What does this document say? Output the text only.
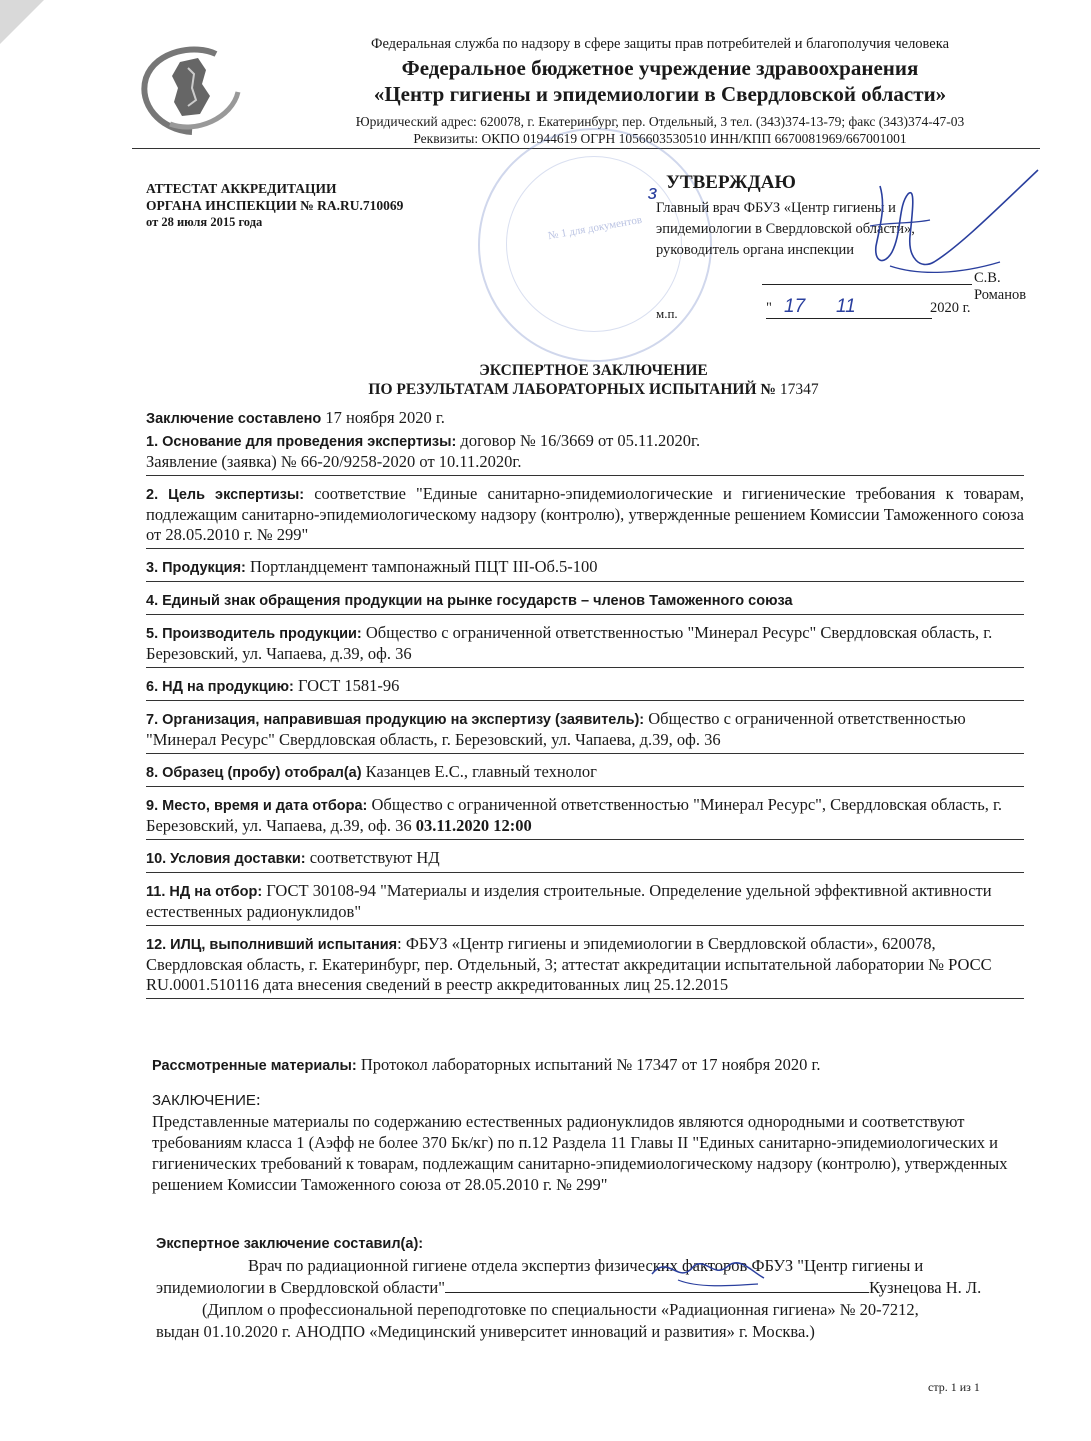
Федеральная служба по надзору в сфере защиты прав потребителей и благополучия человека
Федеральное бюджетное учреждение здравоохранения
«Центр гигиены и эпидемиологии в Свердловской области»
Юридический адрес: 620078, г. Екатеринбург, пер. Отдельный, 3 тел. (343)374-13-79; факс (343)374-47-03
Реквизиты: ОКПО 01944619 ОГРН 1056603530510 ИНН/КПП 6670081969/667001001
АТТЕСТАТ АККРЕДИТАЦИИ
ОРГАНА ИНСПЕКЦИИ № RA.RU.710069
от 28 июля 2015 года	№ 1 для документов
з УТВЕРЖДАЮ
Главный врач ФБУЗ «Центр гигиены и
эпидемиологии в Свердловской области»,
руководитель органа инспекции
С.В. Романов
м.п.	" 17 11	2020 г.
ЭКСПЕРТНОЕ ЗАКЛЮЧЕНИЕ
ПО РЕЗУЛЬТАТАМ ЛАБОРАТОРНЫХ ИСПЫТАНИЙ № 17347
Заключение составлено 17 ноября 2020 г.
1. Основание для проведения экспертизы: договор № 16/3669 от 05.11.2020г.
Заявление (заявка) № 66-20/9258-2020 от 10.11.2020г.
2. Цель экспертизы: соответствие "Единые санитарно-эпидемиологические и гигиенические требования к товарам, подлежащим санитарно-эпидемиологическому надзору (контролю), утвержденные решением Комиссии Таможенного союза от 28.05.2010 г. № 299"
3. Продукция: Портландцемент тампонажный ПЦТ III-Об.5-100
4. Единый знак обращения продукции на рынке государств – членов Таможенного союза
5. Производитель продукции: Общество с ограниченной ответственностью "Минерал Ресурс" Свердловская область, г. Березовский, ул. Чапаева, д.39, оф. 36
6. НД на продукцию: ГОСТ 1581-96
7. Организация, направившая продукцию на экспертизу (заявитель): Общество с ограниченной ответственностью "Минерал Ресурс" Свердловская область, г. Березовский, ул. Чапаева, д.39, оф. 36
8. Образец (пробу) отобрал(а) Казанцев Е.С., главный технолог
9. Место, время и дата отбора: Общество с ограниченной ответственностью "Минерал Ресурс", Свердловская область, г. Березовский, ул. Чапаева, д.39, оф. 36 03.11.2020 12:00
10. Условия доставки: соответствуют НД
11. НД на отбор: ГОСТ 30108-94 "Материалы и изделия строительные. Определение удельной эффективной активности естественных радионуклидов"
12. ИЛЦ, выполнивший испытания: ФБУЗ «Центр гигиены и эпидемиологии в Свердловской области», 620078, Свердловская область, г. Екатеринбург, пер. Отдельный, 3; аттестат аккредитации испытательной лаборатории № РОСС RU.0001.510116 дата внесения сведений в реестр аккредитованных лиц 25.12.2015
Рассмотренные материалы: Протокол лабораторных испытаний № 17347 от 17 ноября 2020 г.
ЗАКЛЮЧЕНИЕ:
Представленные материалы по содержанию естественных радионуклидов являются однородными и соответствуют требованиям класса 1 (Аэфф не более 370 Бк/кг) по п.12 Раздела 11 Главы II "Единых санитарно-эпидемиологических и гигиенических требований к товарам, подлежащим санитарно-эпидемиологическому надзору (контролю), утвержденных решением Комиссии Таможенного союза от 28.05.2010 г. № 299"
Экспертное заключение составил(а):
Врач по радиационной гигиене отдела экспертиз физических факторов ФБУЗ "Центр гигиены и
эпидемиологии в Свердловской области"	Кузнецова Н. Л.
(Диплом о профессиональной переподготовке по специальности «Радиационная гигиена» № 20-7212,
выдан 01.10.2020 г. АНОДПО «Медицинский университет инноваций и развития» г. Москва.)
стр. 1 из 1
